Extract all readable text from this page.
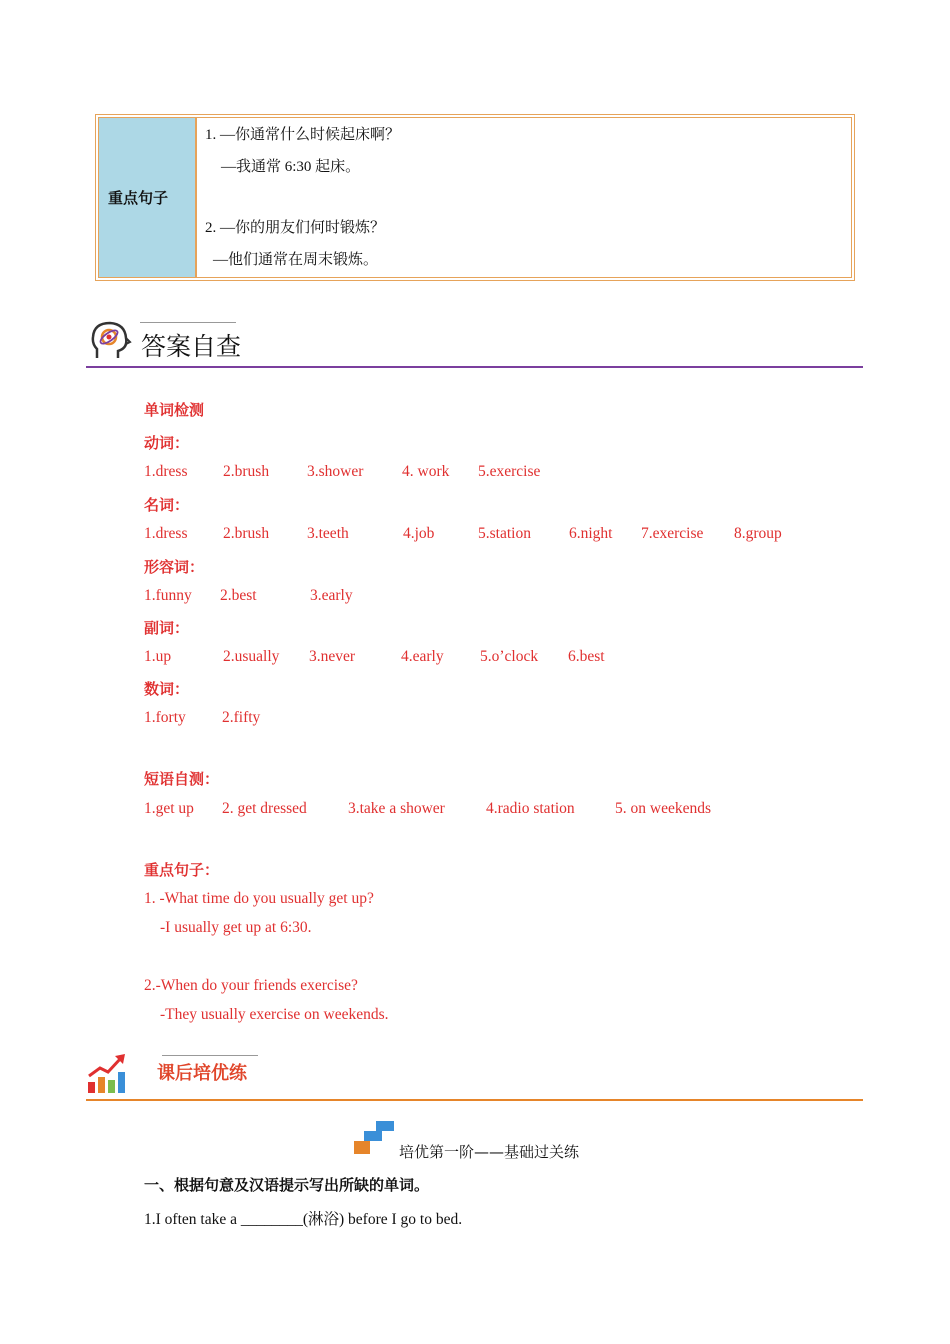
重点句子
1. —你通常什么时候起床啊？
—我通常 6:30 起床。
2. —你的朋友们何时锻炼？
—他们通常在周末锻炼。
答案自查
单词检测
动词：
1.dress 2.brush 3.shower 4. work 5.exercise
名词：
1.dress 2.brush 3.teeth	4.job	5.station 6.night 7.exercise 8.group
形容词：
1.funny 2.best	3.early
副词：
1.up	2.usually 3.never	4.early 5.o’clock 6.best
数词：
1.forty 2.fifty
短语自测：
1.get up 2. get dressed	3.take a shower	4.radio station	5. on weekends
重点句子：
1. -What time do you usually get up?
-I usually get up at 6:30.
2.-When do your friends exercise?
-They usually exercise on weekends.
课后培优练
培优第一阶——基础过关练
一、根据句意及汉语提示写出所缺的单词。
1.I often take a ________(淋浴) before I go to bed.
